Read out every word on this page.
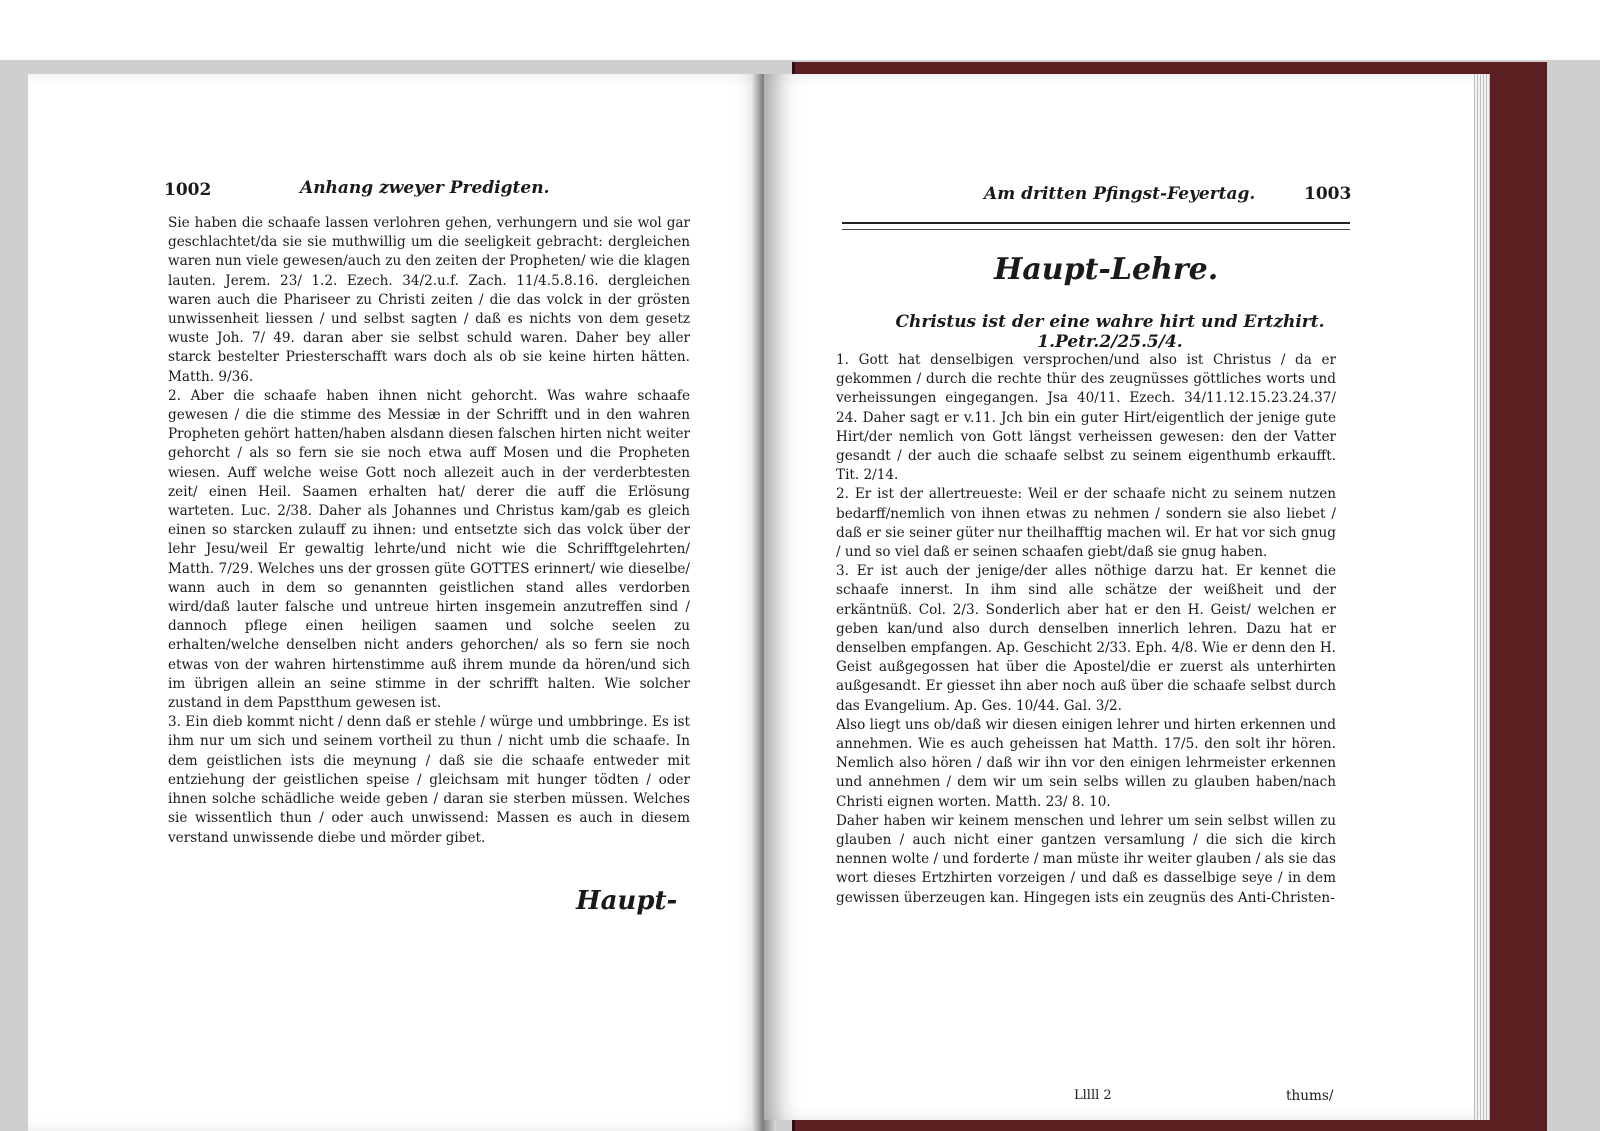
1002	Anhang zweyer Predigten.

Sie haben die schaafe lassen verlohren gehen, verhungern und sie wol gar geschlachtet/da sie sie muthwillig um die seeligkeit gebracht: dergleichen waren nun viele gewesen/auch zu den zeiten der Propheten/ wie die klagen lauten. Jerem. 23/ 1.2. Ezech. 34/2.u.f. Zach. 11/4.5.8.16. dergleichen waren auch die Phariseer zu Christi zeiten / die das volck in der grösten unwissenheit liessen / und selbst sagten / daß es nichts von dem gesetz wuste Joh. 7/ 49. daran aber sie selbst schuld waren. Daher bey aller starck bestelter Priesterschafft wars doch als ob sie keine hirten hätten. Matth. 9/36.

2. Aber die schaafe haben ihnen nicht gehorcht. Was wahre schaafe gewesen / die die stimme des Messiæ in der Schrifft und in den wahren Propheten gehört hatten/haben alsdann diesen falschen hirten nicht weiter gehorcht / als so fern sie sie noch etwa auff Mosen und die Propheten wiesen. Auff welche weise Gott noch allezeit auch in der verderbtesten zeit/ einen Heil. Saamen erhalten hat/ derer die auff die Erlösung warteten. Luc. 2/38. Daher als Johannes und Christus kam/gab es gleich einen so starcken zulauff zu ihnen: und entsetzte sich das volck über der lehr Jesu/weil Er gewaltig lehrte/und nicht wie die Schrifftgelehrten/ Matth. 7/29. Welches uns der grossen güte GOTTES erinnert/ wie dieselbe/ wann auch in dem so genannten geistlichen stand alles verdorben wird/daß lauter falsche und untreue hirten insgemein anzutreffen sind / dannoch pflege einen heiligen saamen und solche seelen zu erhalten/welche denselben nicht anders gehorchen/ als so fern sie noch etwas von der wahren hirtenstimme auß ihrem munde da hören/und sich im übrigen allein an seine stimme in der schrifft halten. Wie solcher zustand in dem Papstthum gewesen ist.

3. Ein dieb kommt nicht / denn daß er stehle / würge und umbbringe. Es ist ihm nur um sich und seinem vortheil zu thun / nicht umb die schaafe. In dem geistlichen ists die meynung / daß sie die schaafe entweder mit entziehung der geistlichen speise / gleichsam mit hunger tödten / oder ihnen solche schädliche weide geben / daran sie sterben müssen. Welches sie wissentlich thun / oder auch unwissend: Massen es auch in diesem verstand unwissende diebe und mörder gibet.

Haupt-
Am dritten Pfingst-Feyertag.	1003
Haupt-Lehre.
Christus ist der eine wahre hirt und Ertzhirt. 1.Petr.2/25.5/4.

1. Gott hat denselbigen versprochen/und also ist Christus / da er gekommen / durch die rechte thür des zeugnüsses göttliches worts und verheissungen eingegangen. Jsa 40/11. Ezech. 34/11.12.15.23.24.37/ 24. Daher sagt er v.11. Jch bin ein guter Hirt/eigentlich der jenige gute Hirt/der nemlich von Gott längst verheissen gewesen: den der Vatter gesandt / der auch die schaafe selbst zu seinem eigenthumb erkaufft. Tit. 2/14.

2. Er ist der allertreueste: Weil er der schaafe nicht zu seinem nutzen bedarff/nemlich von ihnen etwas zu nehmen / sondern sie also liebet / daß er sie seiner güter nur theilhafftig machen wil. Er hat vor sich gnug / und so viel daß er seinen schaafen giebt/daß sie gnug haben.

3. Er ist auch der jenige/der alles nöthige darzu hat. Er kennet die schaafe innerst. In ihm sind alle schätze der weißheit und der erkäntnüß. Col. 2/3. Sonderlich aber hat er den H. Geist/ welchen er geben kan/und also durch denselben innerlich lehren. Dazu hat er denselben empfangen. Ap. Geschicht 2/33. Eph. 4/8. Wie er denn den H. Geist außgegossen hat über die Apostel/die er zuerst als unterhirten außgesandt. Er giesset ihn aber noch auß über die schaafe selbst durch das Evangelium. Ap. Ges. 10/44. Gal. 3/2.

Also liegt uns ob/daß wir diesen einigen lehrer und hirten erkennen und annehmen. Wie es auch geheissen hat Matth. 17/5. den solt ihr hören. Nemlich also hören / daß wir ihn vor den einigen lehrmeister erkennen und annehmen / dem wir um sein selbs willen zu glauben haben/nach Christi eignen worten. Matth. 23/ 8. 10.

Daher haben wir keinem menschen und lehrer um sein selbst willen zu glauben / auch nicht einer gantzen versamlung / die sich die kirch nennen wolte / und forderte / man müste ihr weiter glauben / als sie das wort dieses Ertzhirten vorzeigen / und daß es dasselbige seye / in dem gewissen überzeugen kan. Hingegen ists ein zeugnüs des Anti-Christen-

Lllll 2	thums/
